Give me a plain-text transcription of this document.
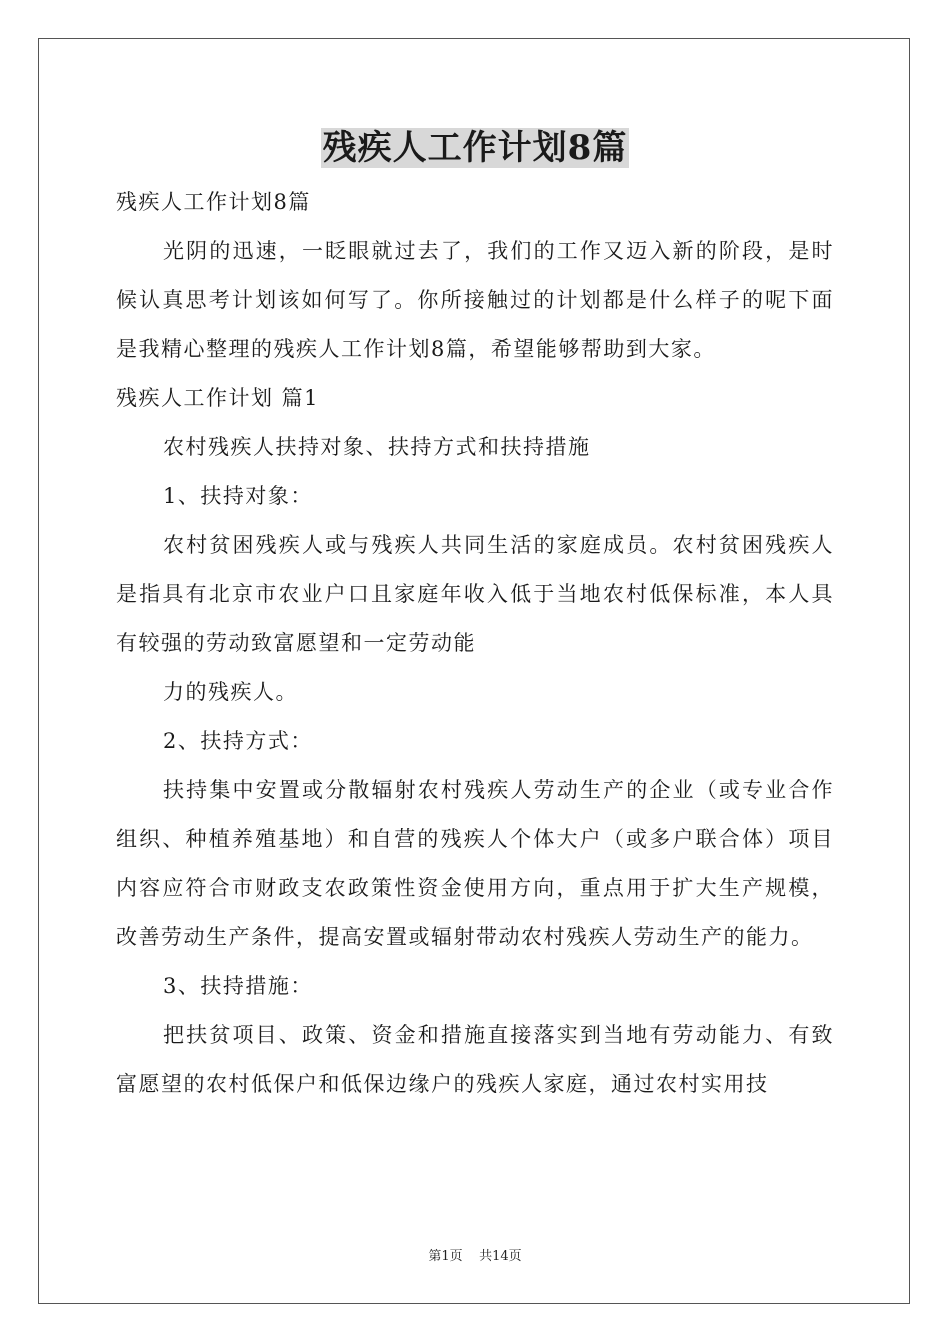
残疾人工作计划8篇

残疾人工作计划8篇

光阴的迅速，一眨眼就过去了，我们的工作又迈入新的阶段，是时候认真思考计划该如何写了。你所接触过的计划都是什么样子的呢下面是我精心整理的残疾人工作计划8篇，希望能够帮助到大家。

残疾人工作计划 篇1

农村残疾人扶持对象、扶持方式和扶持措施

1、扶持对象：

农村贫困残疾人或与残疾人共同生活的家庭成员。农村贫困残疾人是指具有北京市农业户口且家庭年收入低于当地农村低保标准，本人具有较强的劳动致富愿望和一定劳动能

力的残疾人。

2、扶持方式：

扶持集中安置或分散辐射农村残疾人劳动生产的企业（或专业合作组织、种植养殖基地）和自营的残疾人个体大户（或多户联合体）项目内容应符合市财政支农政策性资金使用方向，重点用于扩大生产规模，改善劳动生产条件，提高安置或辐射带动农村残疾人劳动生产的能力。

3、扶持措施：

把扶贫项目、政策、资金和措施直接落实到当地有劳动能力、有致富愿望的农村低保户和低保边缘户的残疾人家庭，通过农村实用技

第1页 共14页
